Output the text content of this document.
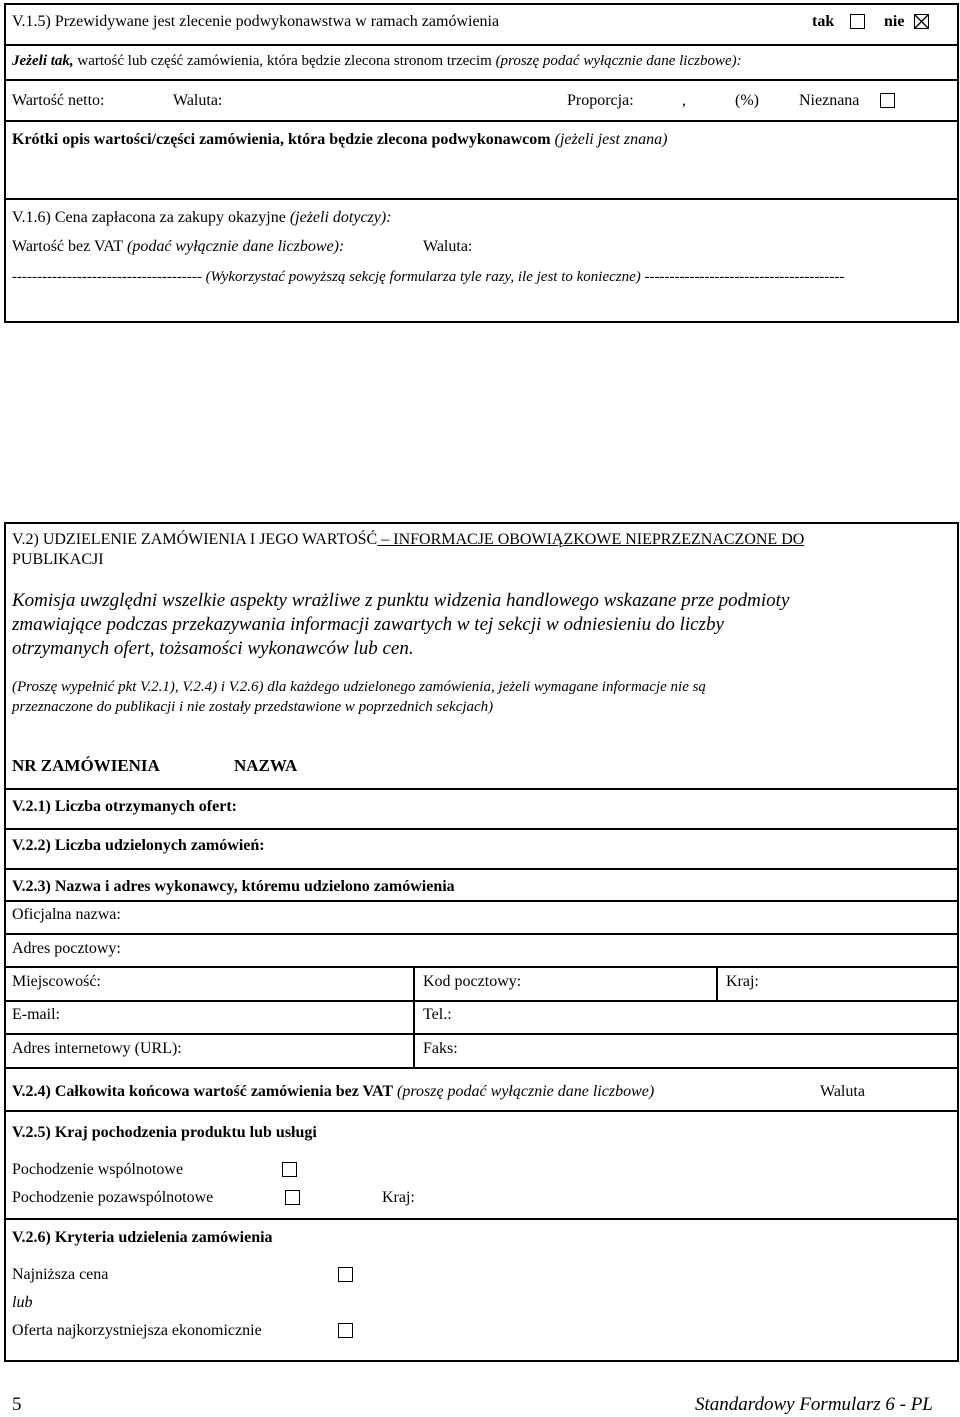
V.1.5) Przewidywane jest zlecenie podwykonawstwa w ramach zamówienia	tak	nie
Jeżeli tak, wartość lub część zamówienia, która będzie zlecona stronom trzecim (proszę podać wyłącznie dane liczbowe):
Wartość netto:	Waluta:	Proporcja:	,	(%)	Nieznana
Krótki opis wartości/części zamówienia, która będzie zlecona podwykonawcom (jeżeli jest znana)
V.1.6) Cena zapłacona za zakupy okazyjne (jeżeli dotyczy):
Wartość bez VAT (podać wyłącznie dane liczbowe):	Waluta:
-------------------------------------- (Wykorzystać powyższą sekcję formularza tyle razy, ile jest to konieczne) ----------------------------------------
V.2) UDZIELENIE ZAMÓWIENIA I JEGO WARTOŚĆ – INFORMACJE OBOWIĄZKOWE NIEPRZEZNACZONE DO
PUBLIKACJI
Komisja uwzględni wszelkie aspekty wrażliwe z punktu widzenia handlowego wskazane prze podmioty
zmawiające podczas przekazywania informacji zawartych w tej sekcji w odniesieniu do liczby
otrzymanych ofert, tożsamości wykonawców lub cen.
(Proszę wypełnić pkt V.2.1), V.2.4) i V.2.6) dla każdego udzielonego zamówienia, jeżeli wymagane informacje nie są
przeznaczone do publikacji i nie zostały przedstawione w poprzednich sekcjach)
NR ZAMÓWIENIA	NAZWA
V.2.1) Liczba otrzymanych ofert:
V.2.2) Liczba udzielonych zamówień:
V.2.3) Nazwa i adres wykonawcy, któremu udzielono zamówienia
Oficjalna nazwa:
Adres pocztowy:
Miejscowość:	Kod pocztowy:	Kraj:
E-mail:	Tel.:
Adres internetowy (URL):	Faks:
V.2.4) Całkowita końcowa wartość zamówienia bez VAT (proszę podać wyłącznie dane liczbowe)	Waluta
V.2.5) Kraj pochodzenia produktu lub usługi
Pochodzenie wspólnotowe
Pochodzenie pozawspólnotowe	Kraj:
V.2.6) Kryteria udzielenia zamówienia
Najniższa cena
lub
Oferta najkorzystniejsza ekonomicznie
5	Standardowy Formularz 6 - PL
